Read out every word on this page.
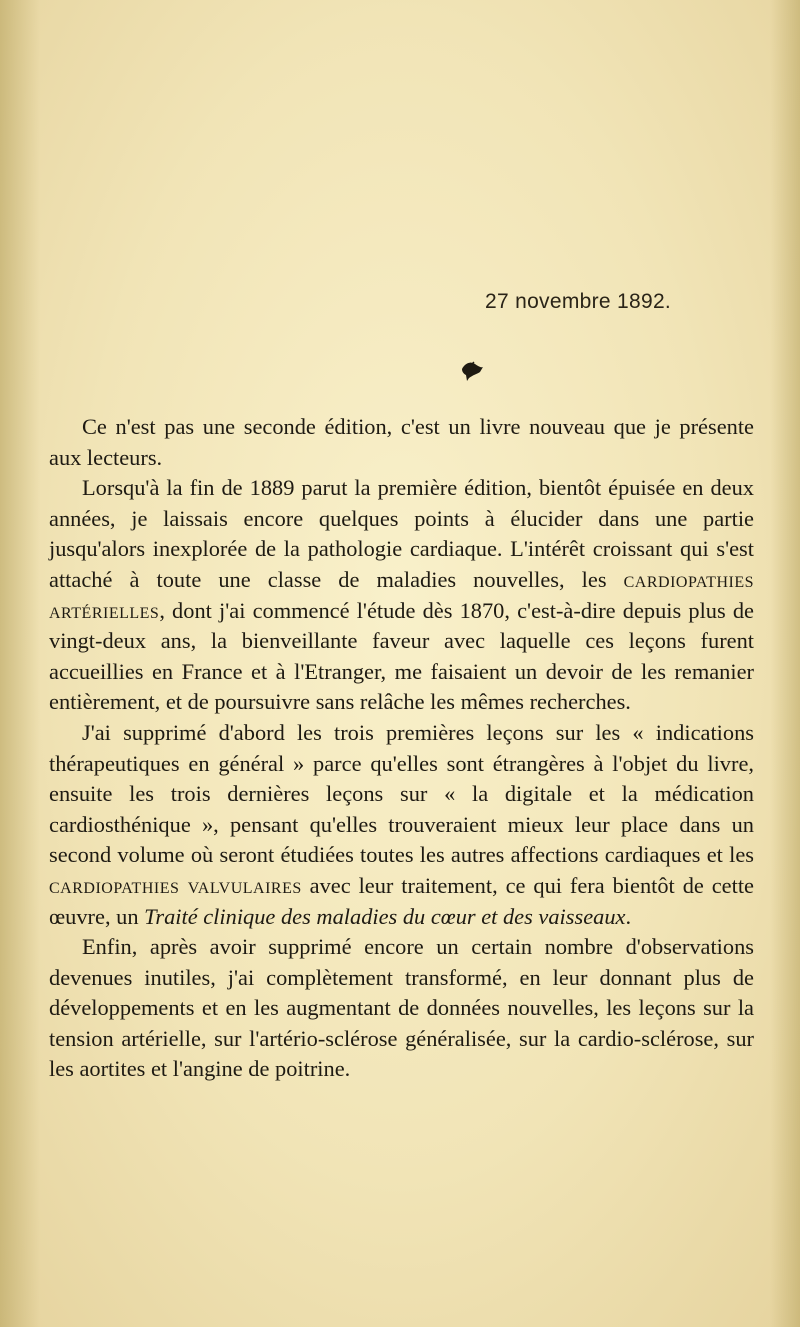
27 novembre 1892.

Ce n'est pas une seconde édition, c'est un livre nouveau que je présente aux lecteurs.

Lorsqu'à la fin de 1889 parut la première édition, bientôt épuisée en deux années, je laissais encore quelques points à élucider dans une partie jusqu'alors inexplorée de la pathologie cardiaque. L'intérêt croissant qui s'est attaché à toute une classe de maladies nouvelles, les cardiopathies artérielles, dont j'ai commencé l'étude dès 1870, c'est-à-dire depuis plus de vingt-deux ans, la bienveillante faveur avec laquelle ces leçons furent accueillies en France et à l'Etranger, me faisaient un devoir de les remanier entièrement, et de poursuivre sans relâche les mêmes recherches.

J'ai supprimé d'abord les trois premières leçons sur les « indications thérapeutiques en général » parce qu'elles sont étrangères à l'objet du livre, ensuite les trois dernières leçons sur « la digitale et la médication cardiosthénique », pensant qu'elles trouveraient mieux leur place dans un second volume où seront étudiées toutes les autres affections cardiaques et les cardiopathies valvulaires avec leur traitement, ce qui fera bientôt de cette œuvre, un Traité clinique des maladies du cœur et des vaisseaux.

Enfin, après avoir supprimé encore un certain nombre d'observations devenues inutiles, j'ai complètement transformé, en leur donnant plus de développements et en les augmentant de données nouvelles, les leçons sur la tension artérielle, sur l'artério-sclérose généralisée, sur la cardio-sclérose, sur les aortites et l'angine de poitrine.
